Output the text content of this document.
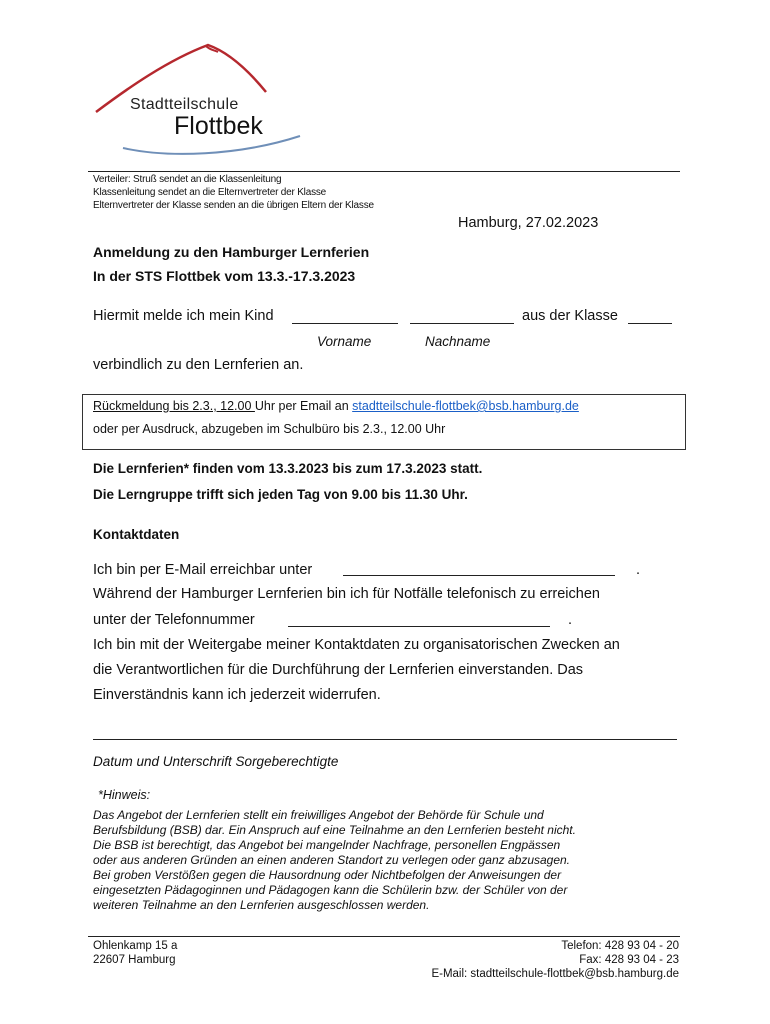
Stadtteilschule
Flottbek
Verteiler: Struß sendet an die Klassenleitung
Klassenleitung sendet an die Elternvertreter der Klasse
Elternvertreter der Klasse senden an die übrigen Eltern der Klasse
Hamburg, 27.02.2023
Anmeldung zu den Hamburger Lernferien
In der STS Flottbek vom 13.3.-17.3.2023
Hiermit melde ich mein Kind	aus der Klasse
Vorname	Nachname
verbindlich zu den Lernferien an.
Rückmeldung bis 2.3., 12.00 Uhr per Email an stadtteilschule-flottbek@bsb.hamburg.de
oder per Ausdruck, abzugeben im Schulbüro bis 2.3., 12.00 Uhr
Die Lernferien* finden vom 13.3.2023 bis zum 17.3.2023 statt.
Die Lerngruppe trifft sich jeden Tag von 9.00 bis 11.30 Uhr.
Kontaktdaten
Ich bin per E-Mail erreichbar unter	.
Während der Hamburger Lernferien bin ich für Notfälle telefonisch zu erreichen
unter der Telefonnummer	.
Ich bin mit der Weitergabe meiner Kontaktdaten zu organisatorischen Zwecken an
die Verantwortlichen für die Durchführung der Lernferien einverstanden. Das
Einverständnis kann ich jederzeit widerrufen.
Datum und Unterschrift Sorgeberechtigte
*Hinweis:
Das Angebot der Lernferien stellt ein freiwilliges Angebot der Behörde für Schule und
Berufsbildung (BSB) dar. Ein Anspruch auf eine Teilnahme an den Lernferien besteht nicht.
Die BSB ist berechtigt, das Angebot bei mangelnder Nachfrage, personellen Engpässen
oder aus anderen Gründen an einen anderen Standort zu verlegen oder ganz abzusagen.
Bei groben Verstößen gegen die Hausordnung oder Nichtbefolgen der Anweisungen der
eingesetzten Pädagoginnen und Pädagogen kann die Schülerin bzw. der Schüler von der
weiteren Teilnahme an den Lernferien ausgeschlossen werden.
Ohlenkamp 15 a
22607 Hamburg
Telefon: 428 93 04 - 20
Fax: 428 93 04 - 23
E-Mail: stadtteilschule-flottbek@bsb.hamburg.de
